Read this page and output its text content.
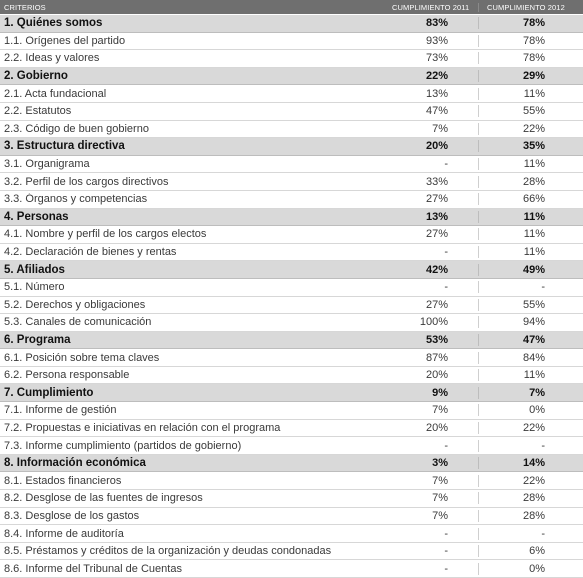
CRITERIOS	CUMPLIMIENTO 2011	CUMPLIMIENTO 2012
1. Quiénes somos	83%	78%
1.1. Orígenes del partido	93%	78%
2.2. Ideas y valores	73%	78%
2. Gobierno	22%	29%
2.1. Acta fundacional	13%	11%
2.2. Estatutos	47%	55%
2.3. Código de buen gobierno	7%	22%
3. Estructura directiva	20%	35%
3.1. Organigrama	-	11%
3.2. Perfil de los cargos directivos	33%	28%
3.3. Órganos y competencias	27%	66%
4. Personas	13%	11%
4.1. Nombre y perfil de los cargos electos	27%	11%
4.2. Declaración de bienes y rentas	-	11%
5. Afiliados	42%	49%
5.1. Número	-	-
5.2. Derechos y obligaciones	27%	55%
5.3. Canales de comunicación	100%	94%
6. Programa	53%	47%
6.1. Posición sobre tema claves	87%	84%
6.2. Persona responsable	20%	11%
7. Cumplimiento	9%	7%
7.1. Informe de gestión	7%	0%
7.2. Propuestas e iniciativas en relación con el programa	20%	22%
7.3. Informe cumplimiento (partidos de gobierno)	-	-
8. Información económica	3%	14%
8.1. Estados financieros	7%	22%
8.2. Desglose de las fuentes de ingresos	7%	28%
8.3. Desglose de los gastos	7%	28%
8.4. Informe de auditoría	-	-
8.5. Préstamos y créditos de la organización y deudas condonadas	-	6%
8.6. Informe del Tribunal de Cuentas	-	0%
